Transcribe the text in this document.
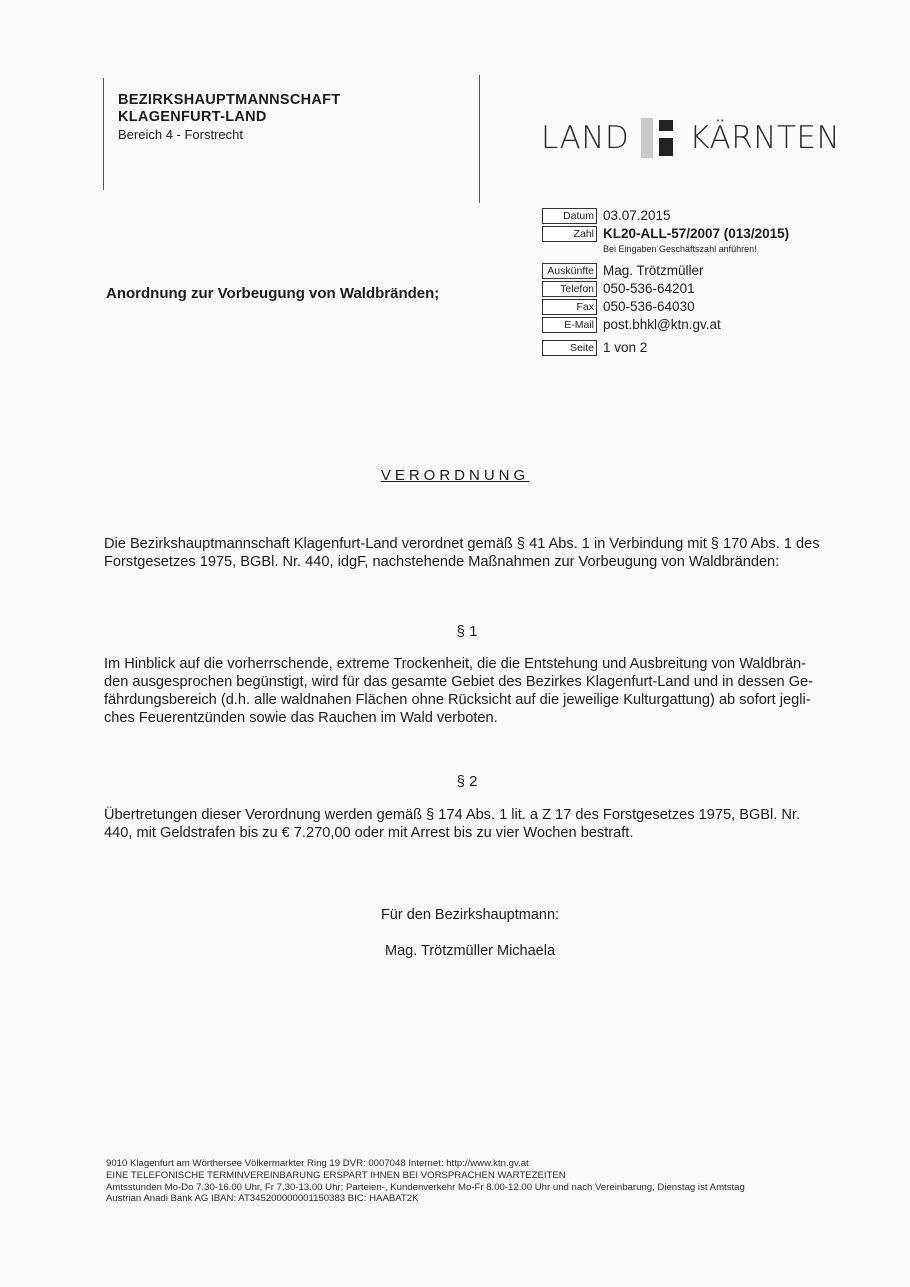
BEZIRKSHAUPTMANNSCHAFT
KLAGENFURT-LAND
Bereich 4 - Forstrecht	LAND KÄRNTEN
Datum 03.07.2015
Zahl KL20-ALL-57/2007 (013/2015)
Bei Eingaben Geschäftszahl anführen!
Auskünfte Mag. Trötzmüller
Telefon 050-536-64201
Fax 050-536-64030
E-Mail post.bhkl@ktn.gv.at
Seite 1 von 2
Anordnung zur Vorbeugung von Waldbränden;
VERORDNUNG
Die Bezirkshauptmannschaft Klagenfurt-Land verordnet gemäß § 41 Abs. 1 in Verbindung mit § 170 Abs. 1 des
Forstgesetzes 1975, BGBl. Nr. 440, idgF, nachstehende Maßnahmen zur Vorbeugung von Waldbränden:
§ 1
Im Hinblick auf die vorherrschende, extreme Trockenheit, die die Entstehung und Ausbreitung von Waldbrän-
den ausgesprochen begünstigt, wird für das gesamte Gebiet des Bezirkes Klagenfurt-Land und in dessen Ge-
fährdungsbereich (d.h. alle waldnahen Flächen ohne Rücksicht auf die jeweilige Kulturgattung) ab sofort jegli-
ches Feuerentzünden sowie das Rauchen im Wald verboten.
§ 2
Übertretungen dieser Verordnung werden gemäß § 174 Abs. 1 lit. a Z 17 des Forstgesetzes 1975, BGBl. Nr.
440, mit Geldstrafen bis zu € 7.270,00 oder mit Arrest bis zu vier Wochen bestraft.
Für den Bezirkshauptmann:
Mag. Trötzmüller Michaela
9010 Klagenfurt am Wörthersee Völkermarkter Ring 19 DVR: 0007048 Internet: http://www.ktn.gv.at
EINE TELEFONISCHE TERMINVEREINBARUNG ERSPART IHNEN BEI VORSPRACHEN WARTEZEITEN
Amtsstunden Mo-Do 7.30-16.00 Uhr, Fr 7.30-13.00 Uhr; Parteien-, Kundenverkehr Mo-Fr 8.00-12.00 Uhr und nach Vereinbarung, Dienstag ist Amtstag
Austrian Anadi Bank AG IBAN: AT345200000001150383 BIC: HAABAT2K
